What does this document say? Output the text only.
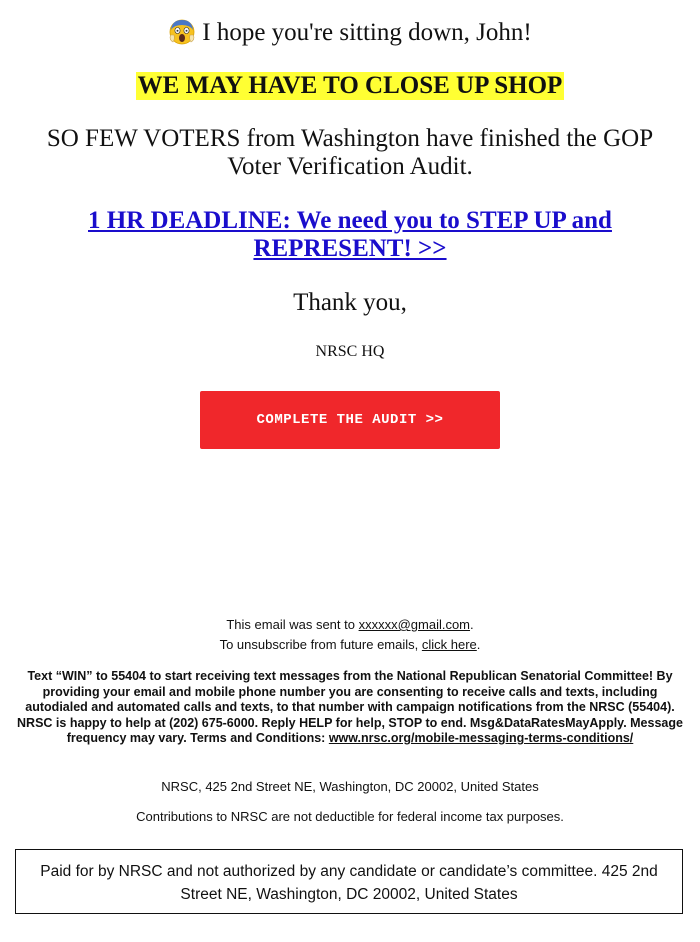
I hope you're sitting down, John!
WE MAY HAVE TO CLOSE UP SHOP
SO FEW VOTERS from Washington have finished the GOP Voter Verification Audit.
1 HR DEADLINE: We need you to STEP UP and REPRESENT! >>
Thank you,
NRSC HQ
COMPLETE THE AUDIT >>
This email was sent to xxxxxx@gmail.com.
To unsubscribe from future emails, click here.
Text “WIN” to 55404 to start receiving text messages from the National Republican Senatorial Committee! By providing your email and mobile phone number you are consenting to receive calls and texts, including autodialed and automated calls and texts, to that number with campaign notifications from the NRSC (55404). NRSC is happy to help at (202) 675-6000. Reply HELP for help, STOP to end. Msg&DataRatesMayApply. Message frequency may vary. Terms and Conditions: www.nrsc.org/mobile-messaging-terms-conditions/
NRSC, 425 2nd Street NE, Washington, DC 20002, United States
Contributions to NRSC are not deductible for federal income tax purposes.
Paid for by NRSC and not authorized by any candidate or candidate’s committee. 425 2nd Street NE, Washington, DC 20002, United States
